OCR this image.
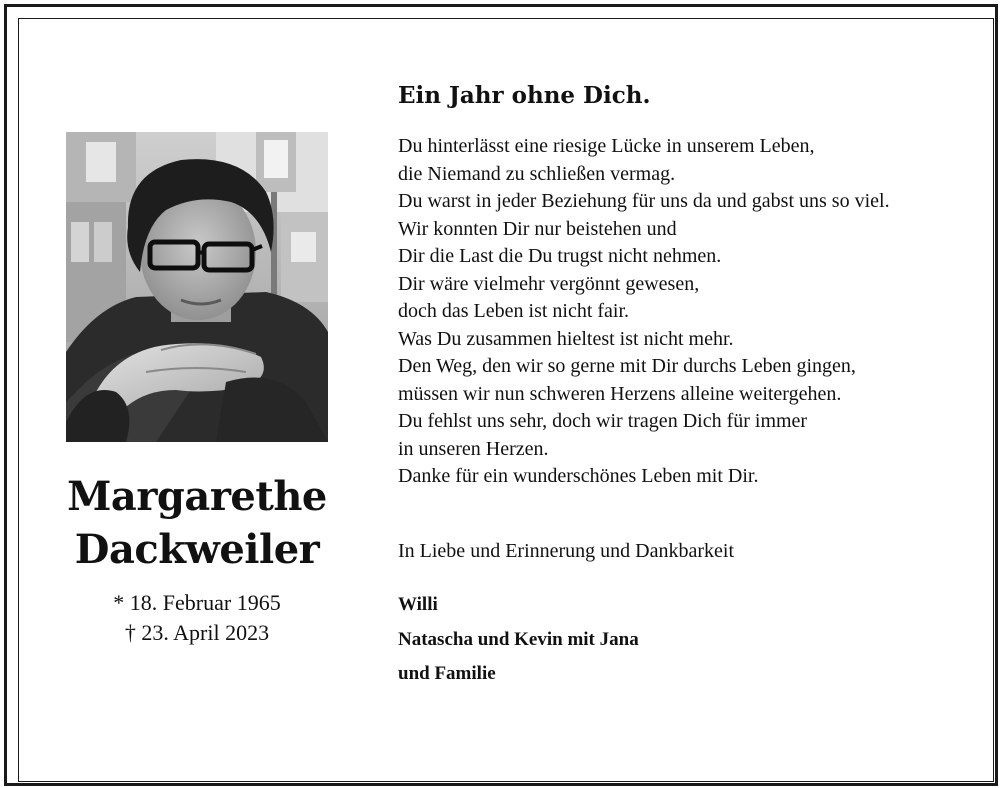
Margarethe
Dackweiler
* 18. Februar 1965
† 23. April 2023
Ein Jahr ohne Dich.
Du hinterlässt eine riesige Lücke in unserem Leben,
die Niemand zu schließen vermag.
Du warst in jeder Beziehung für uns da und gabst uns so viel.
Wir konnten Dir nur beistehen und
Dir die Last die Du trugst nicht nehmen.
Dir wäre vielmehr vergönnt gewesen,
doch das Leben ist nicht fair.
Was Du zusammen hieltest ist nicht mehr.
Den Weg, den wir so gerne mit Dir durchs Leben gingen,
müssen wir nun schweren Herzens alleine weitergehen.
Du fehlst uns sehr, doch wir tragen Dich für immer
in unseren Herzen.
Danke für ein wunderschönes Leben mit Dir.
In Liebe und Erinnerung und Dankbarkeit
Willi
Natascha und Kevin mit Jana
und Familie
